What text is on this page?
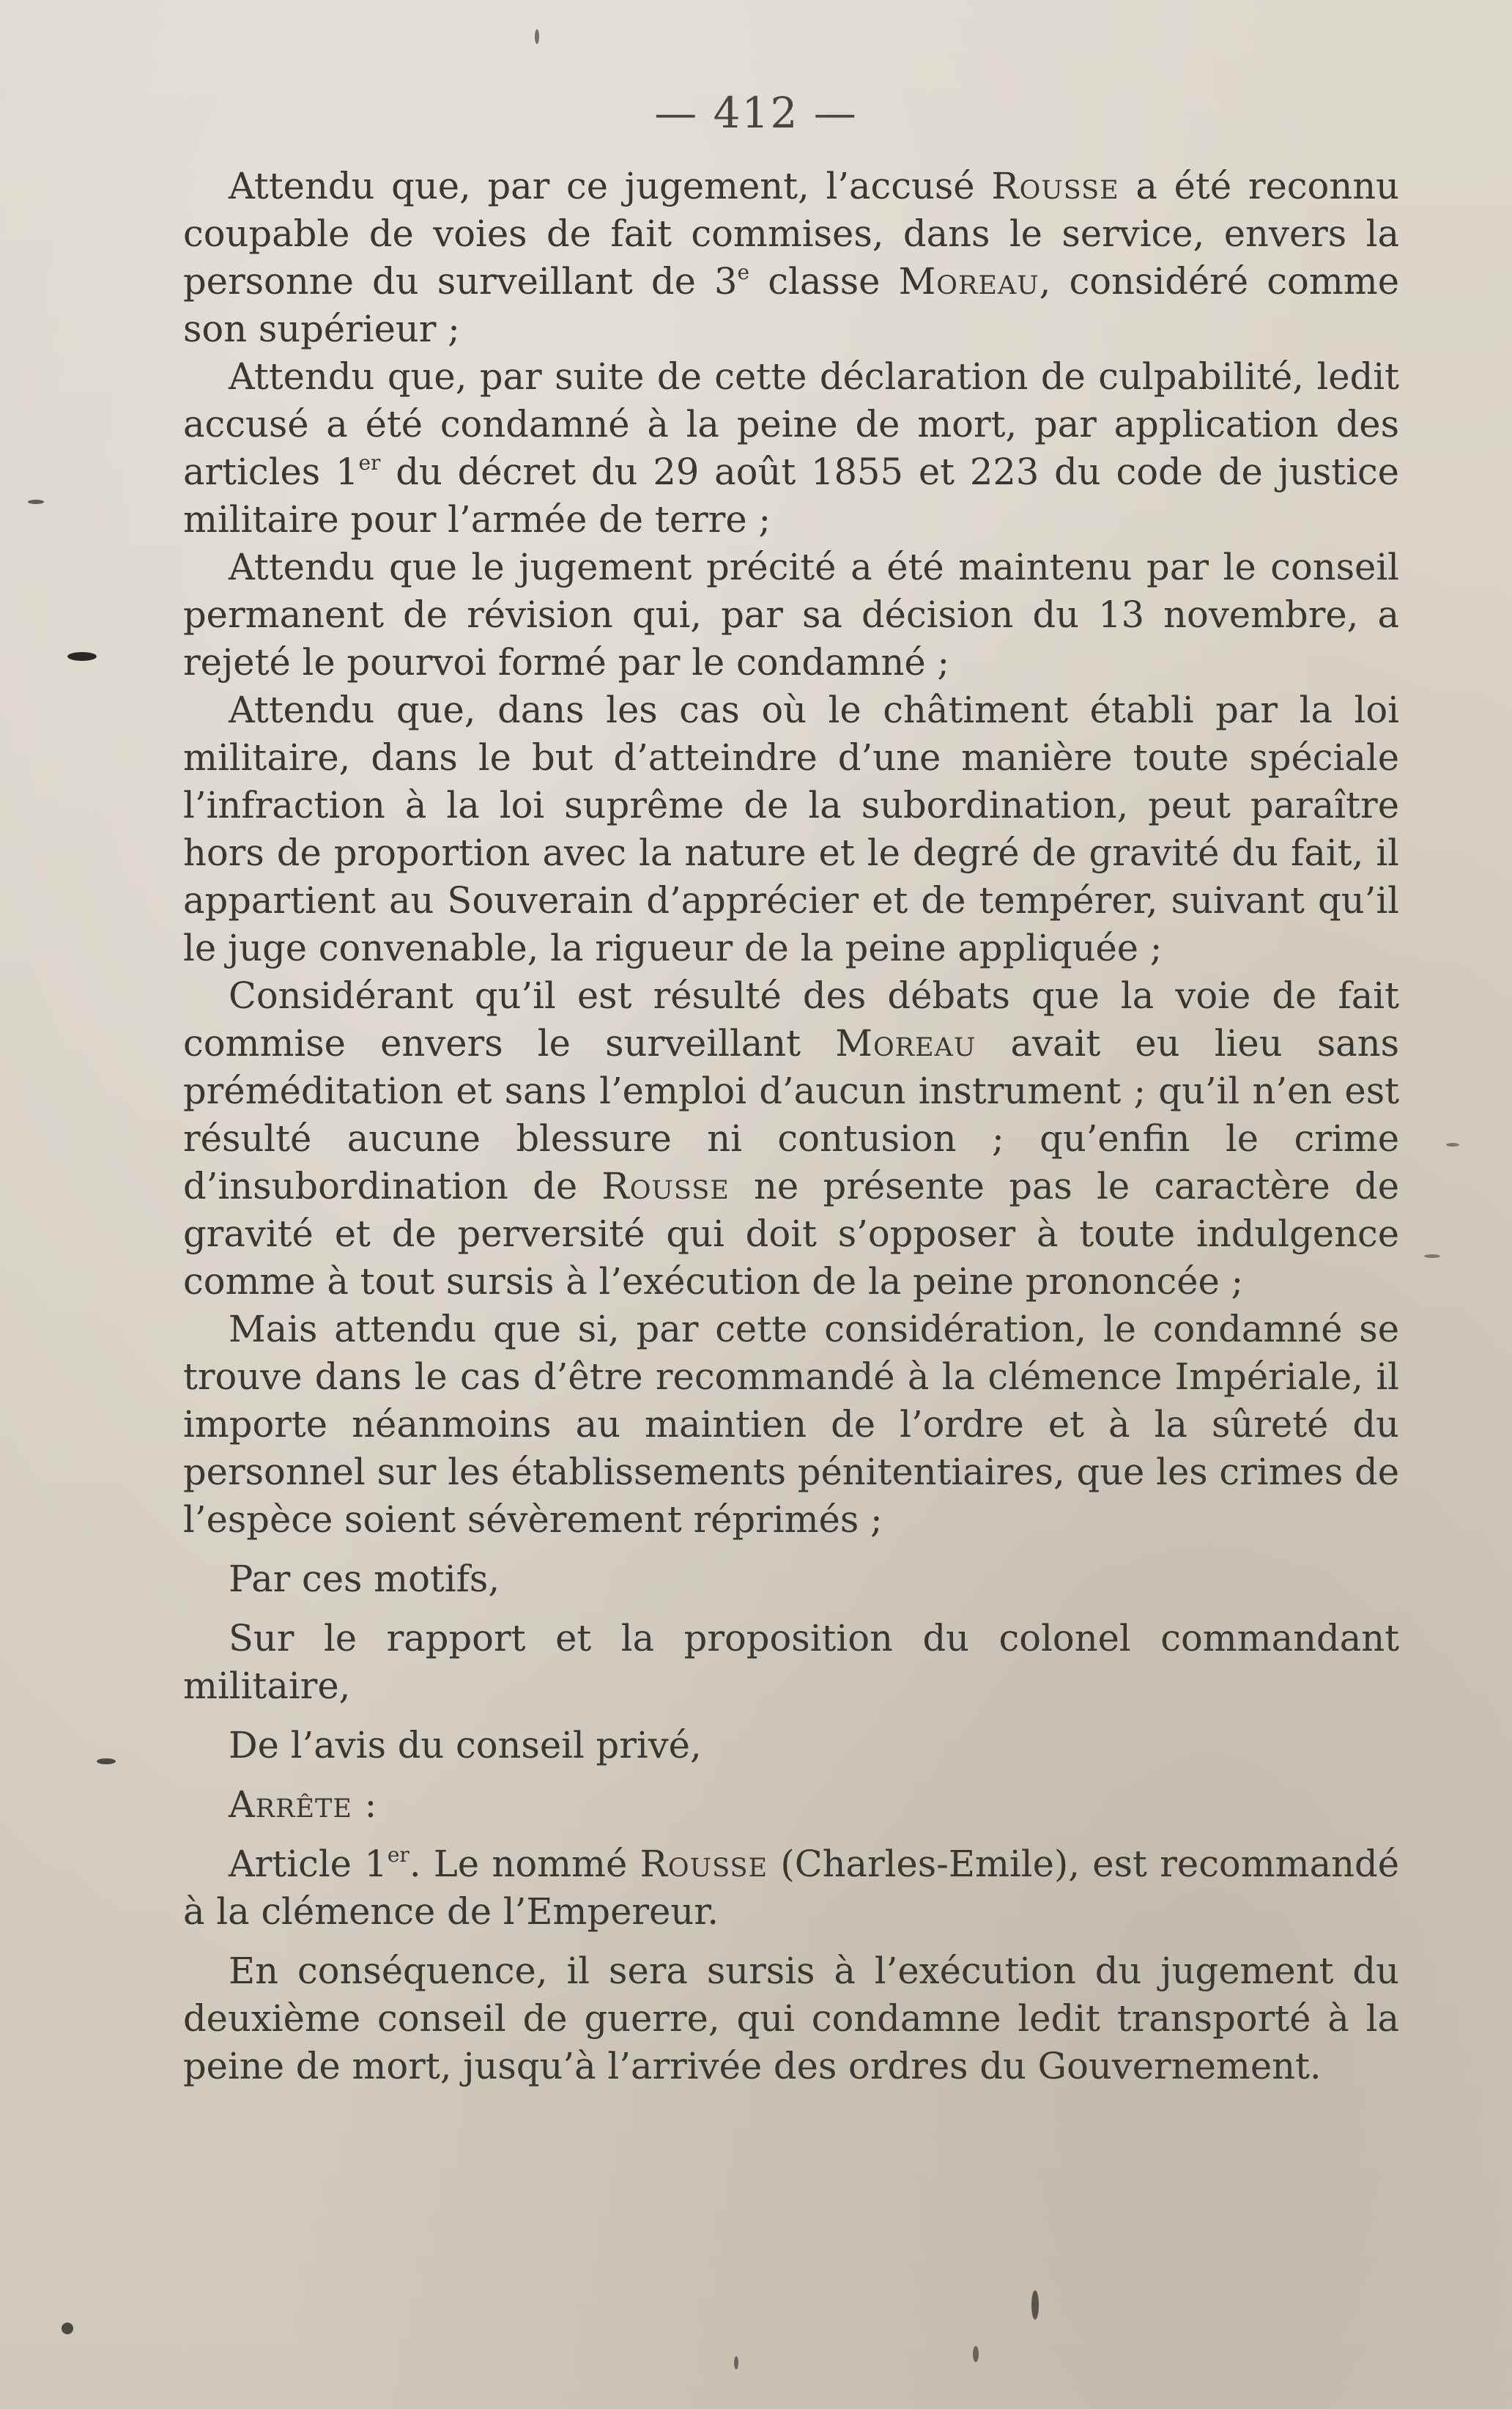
— 412 —

Attendu que, par ce jugement, l’accusé Rousse a été reconnu coupable de voies de fait commises, dans le service, envers la personne du surveillant de 3e classe Moreau, considéré comme son supérieur ;

Attendu que, par suite de cette déclaration de culpabilité, ledit accusé a été condamné à la peine de mort, par application des articles 1er du décret du 29 août 1855 et 223 du code de justice militaire pour l’armée de terre ;

Attendu que le jugement précité a été maintenu par le conseil permanent de révision qui, par sa décision du 13 novembre, a rejeté le pourvoi formé par le condamné ;

Attendu que, dans les cas où le châtiment établi par la loi militaire, dans le but d’atteindre d’une manière toute spéciale l’infraction à la loi suprême de la subordination, peut paraître hors de proportion avec la nature et le degré de gravité du fait, il appartient au Souverain d’apprécier et de tempérer, suivant qu’il le juge convenable, la rigueur de la peine appliquée ;

Considérant qu’il est résulté des débats que la voie de fait commise envers le surveillant Moreau avait eu lieu sans préméditation et sans l’emploi d’aucun instrument ; qu’il n’en est résulté aucune blessure ni contusion ; qu’enfin le crime d’insubordination de Rousse ne présente pas le caractère de gravité et de perversité qui doit s’opposer à toute indulgence comme à tout sursis à l’exécution de la peine prononcée ;

Mais attendu que si, par cette considération, le condamné se trouve dans le cas d’être recommandé à la clémence Impériale, il importe néanmoins au maintien de l’ordre et à la sûreté du personnel sur les établissements pénitentiaires, que les crimes de l’espèce soient sévèrement réprimés ;

Par ces motifs,

Sur le rapport et la proposition du colonel commandant militaire,

De l’avis du conseil privé,

Arrête :

Article 1er. Le nommé Rousse (Charles-Emile), est recommandé à la clémence de l’Empereur.

En conséquence, il sera sursis à l’exécution du jugement du deuxième conseil de guerre, qui condamne ledit transporté à la peine de mort, jusqu’à l’arrivée des ordres du Gouvernement.
